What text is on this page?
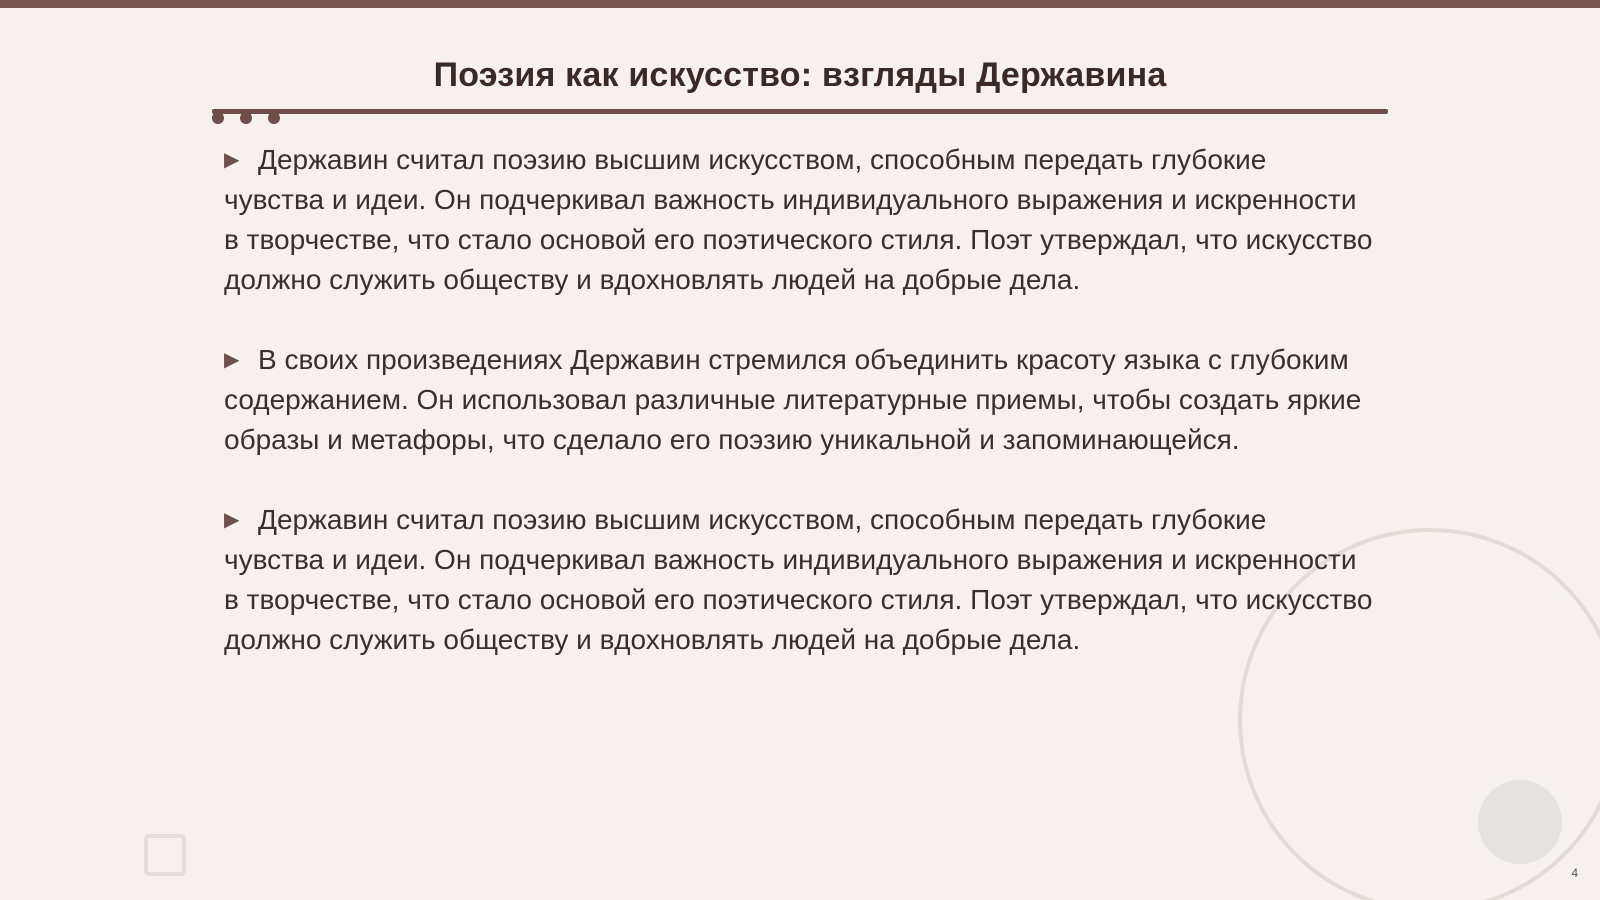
Поэзия как искусство: взгляды Державина
▶ Державин считал поэзию высшим искусством, способным передать глубокие чувства и идеи. Он подчеркивал важность индивидуального выражения и искренности в творчестве, что стало основой его поэтического стиля. Поэт утверждал, что искусство должно служить обществу и вдохновлять людей на добрые дела.
▶ В своих произведениях Державин стремился объединить красоту языка с глубоким содержанием. Он использовал различные литературные приемы, чтобы создать яркие образы и метафоры, что сделало его поэзию уникальной и запоминающейся.
▶ Державин считал поэзию высшим искусством, способным передать глубокие чувства и идеи. Он подчеркивал важность индивидуального выражения и искренности в творчестве, что стало основой его поэтического стиля. Поэт утверждал, что искусство должно служить обществу и вдохновлять людей на добрые дела.
4
